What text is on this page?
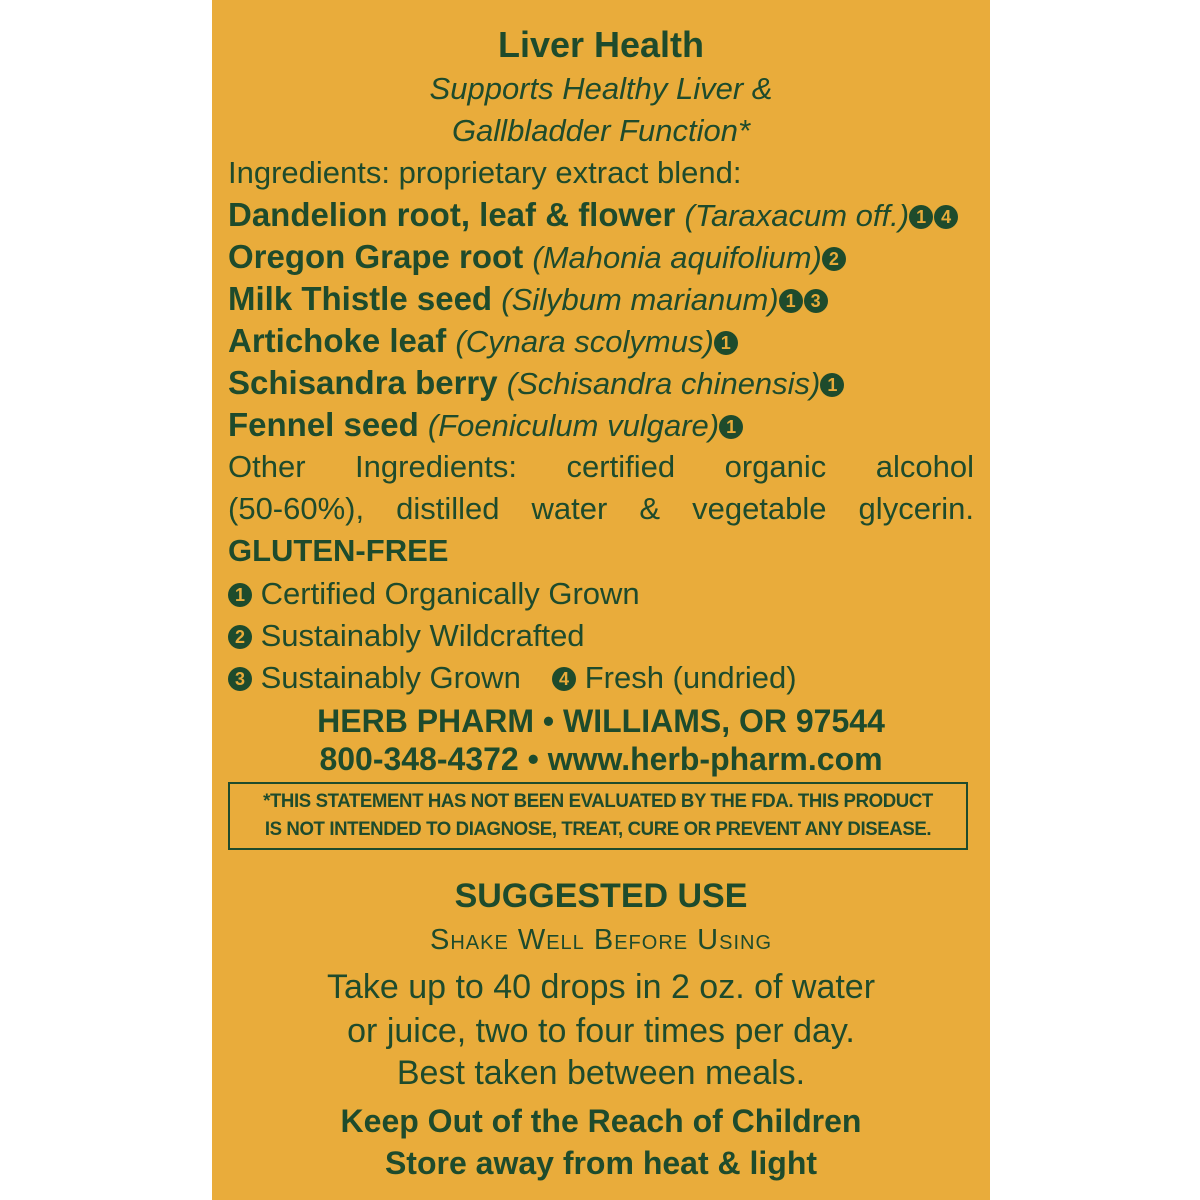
Liver Health
Supports Healthy Liver &
Gallbladder Function*
Ingredients: proprietary extract blend:
Dandelion root, leaf & flower (Taraxacum off.) 1 4
Oregon Grape root (Mahonia aquifolium) 2
Milk Thistle seed (Silybum marianum) 1 3
Artichoke leaf (Cynara scolymus) 1
Schisandra berry (Schisandra chinensis) 1
Fennel seed (Foeniculum vulgare) 1
Other Ingredients: certified organic alcohol
(50-60%), distilled water & vegetable glycerin.
GLUTEN-FREE
1 Certified Organically Grown
2 Sustainably Wildcrafted
3 Sustainably Grown 4 Fresh (undried)
HERB PHARM • WILLIAMS, OR 97544
800-348-4372 • www.herb-pharm.com
*THIS STATEMENT HAS NOT BEEN EVALUATED BY THE FDA. THIS PRODUCT
IS NOT INTENDED TO DIAGNOSE, TREAT, CURE OR PREVENT ANY DISEASE.
SUGGESTED USE
Shake Well Before Using
Take up to 40 drops in 2 oz. of water
or juice, two to four times per day.
Best taken between meals.
Keep Out of the Reach of Children
Store away from heat & light
